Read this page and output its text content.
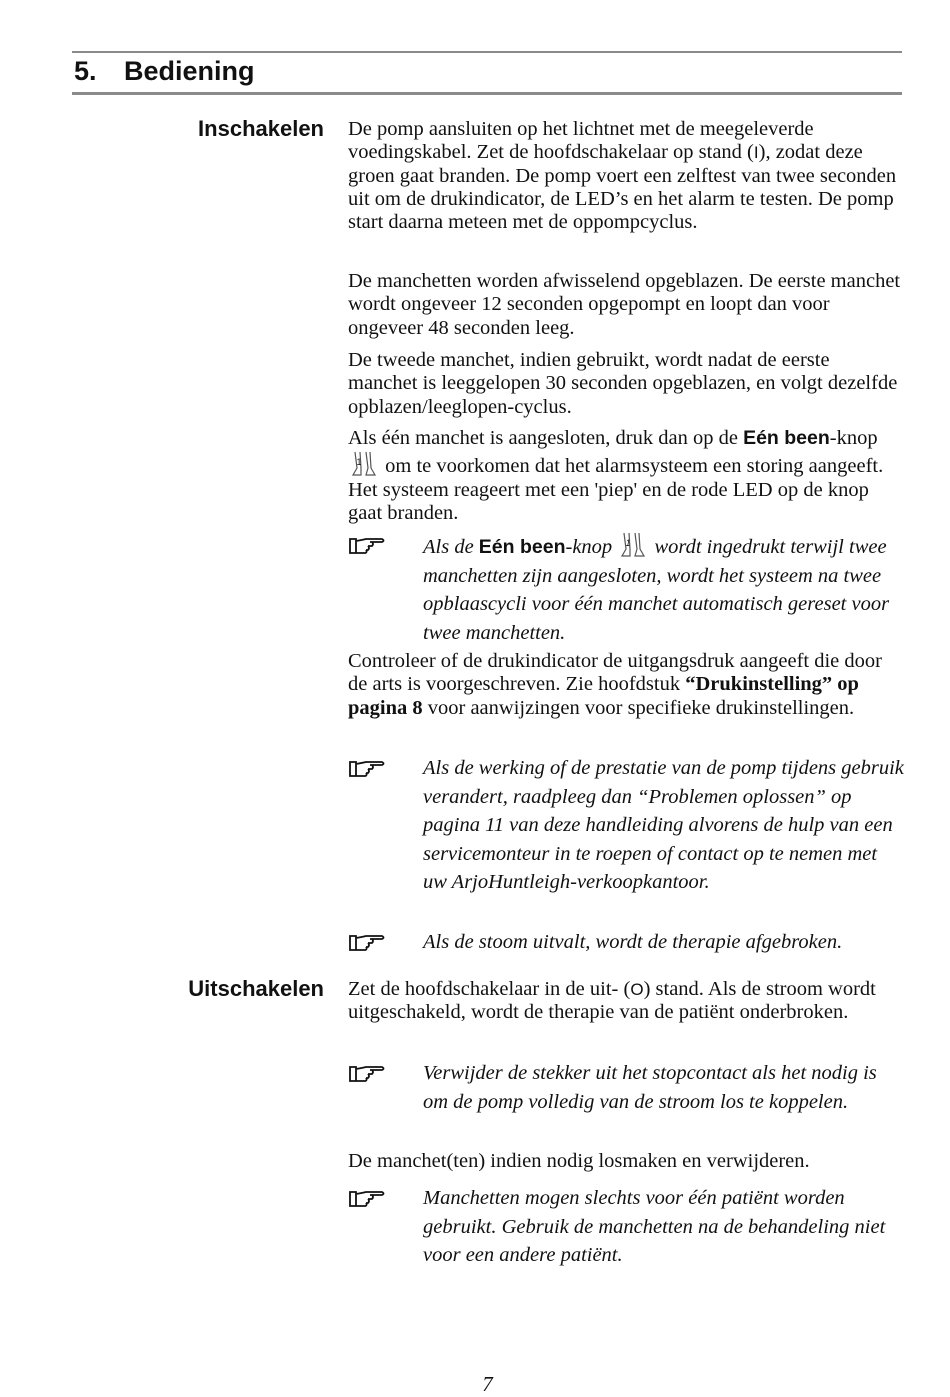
5. Bediening
Inschakelen De pomp aansluiten op het lichtnet met de meegeleverde voedingskabel. Zet de hoofdschakelaar op stand (I), zodat deze groen gaat branden. De pomp voert een zelftest van twee seconden uit om de drukindicator, de LED’s en het alarm te testen. De pomp start daarna meteen met de oppompcyclus.

De manchetten worden afwisselend opgeblazen. De eerste manchet wordt ongeveer 12 seconden opgepompt en loopt dan voor ongeveer 48 seconden leeg.

De tweede manchet, indien gebruikt, wordt nadat de eerste manchet is leeggelopen 30 seconden opgeblazen, en volgt dezelfde opblazen/leeglopen-cyclus.

Als één manchet is aangesloten, druk dan op de Eén been-knop
1 om te voorkomen dat het alarmsysteem een storing aangeeft. Het systeem reageert met een 'piep' en de rode LED op de knop gaat branden.

Als de Eén been-knop 1 wordt ingedrukt terwijl twee manchetten zijn aangesloten, wordt het systeem na twee opblaascycli voor één manchet automatisch gereset voor twee manchetten.

Controleer of de drukindicator de uitgangsdruk aangeeft die door de arts is voorgeschreven. Zie hoofdstuk “Drukinstelling” op pagina 8 voor aanwijzingen voor specifieke drukinstellingen.

Als de werking of de prestatie van de pomp tijdens gebruik verandert, raadpleeg dan “Problemen oplossen” op pagina 11 van deze handleiding alvorens de hulp van een servicemonteur in te roepen of contact op te nemen met uw ArjoHuntleigh-verkoopkantoor.
Als de stoom uitvalt, wordt de therapie afgebroken.
Uitschakelen Zet de hoofdschakelaar in de uit- (O) stand. Als de stroom wordt uitgeschakeld, wordt de therapie van de patiënt onderbroken.

Verwijder de stekker uit het stopcontact als het nodig is om de pomp volledig van de stroom los te koppelen.

De manchet(ten) indien nodig losmaken en verwijderen.

Manchetten mogen slechts voor één patiënt worden gebruikt. Gebruik de manchetten na de behandeling niet voor een andere patiënt.
7
